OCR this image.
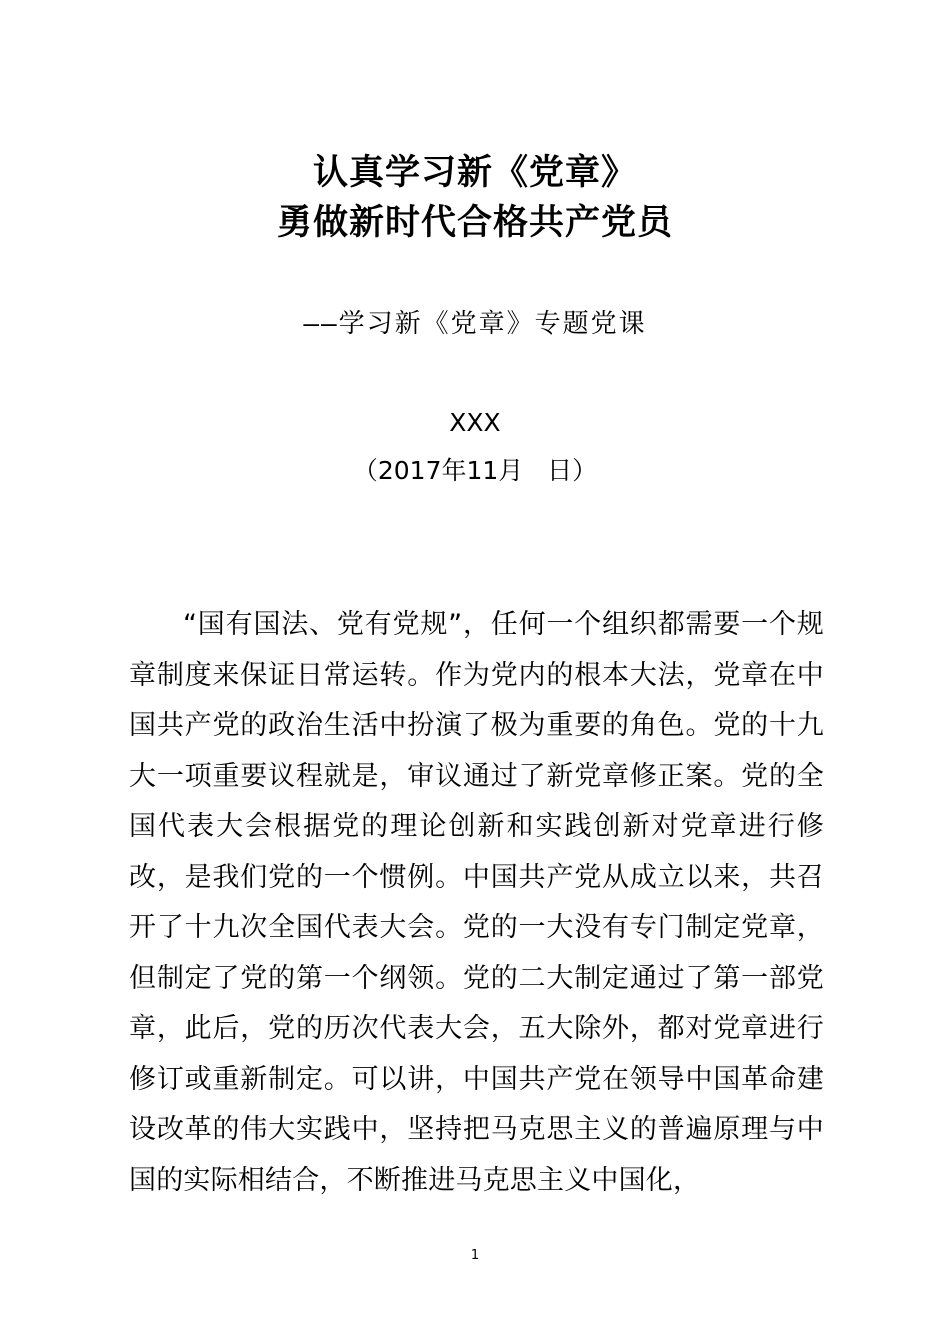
认真学习新《党章》
勇做新时代合格共产党员
——学习新《党章》专题党课
XXX
（2017年11月   日）

“国有国法、党有党规”，任何一个组织都需要一个规章制度来保证日常运转。作为党内的根本大法，党章在中国共产党的政治生活中扮演了极为重要的角色。党的十九大一项重要议程就是，审议通过了新党章修正案。党的全国代表大会根据党的理论创新和实践创新对党章进行修改，是我们党的一个惯例。中国共产党从成立以来，共召开了十九次全国代表大会。党的一大没有专门制定党章，但制定了党的第一个纲领。党的二大制定通过了第一部党章，此后，党的历次代表大会，五大除外，都对党章进行修订或重新制定。可以讲，中国共产党在领导中国革命建设改革的伟大实践中，坚持把马克思主义的普遍原理与中国的实际相结合，不断推进马克思主义中国化，

1
